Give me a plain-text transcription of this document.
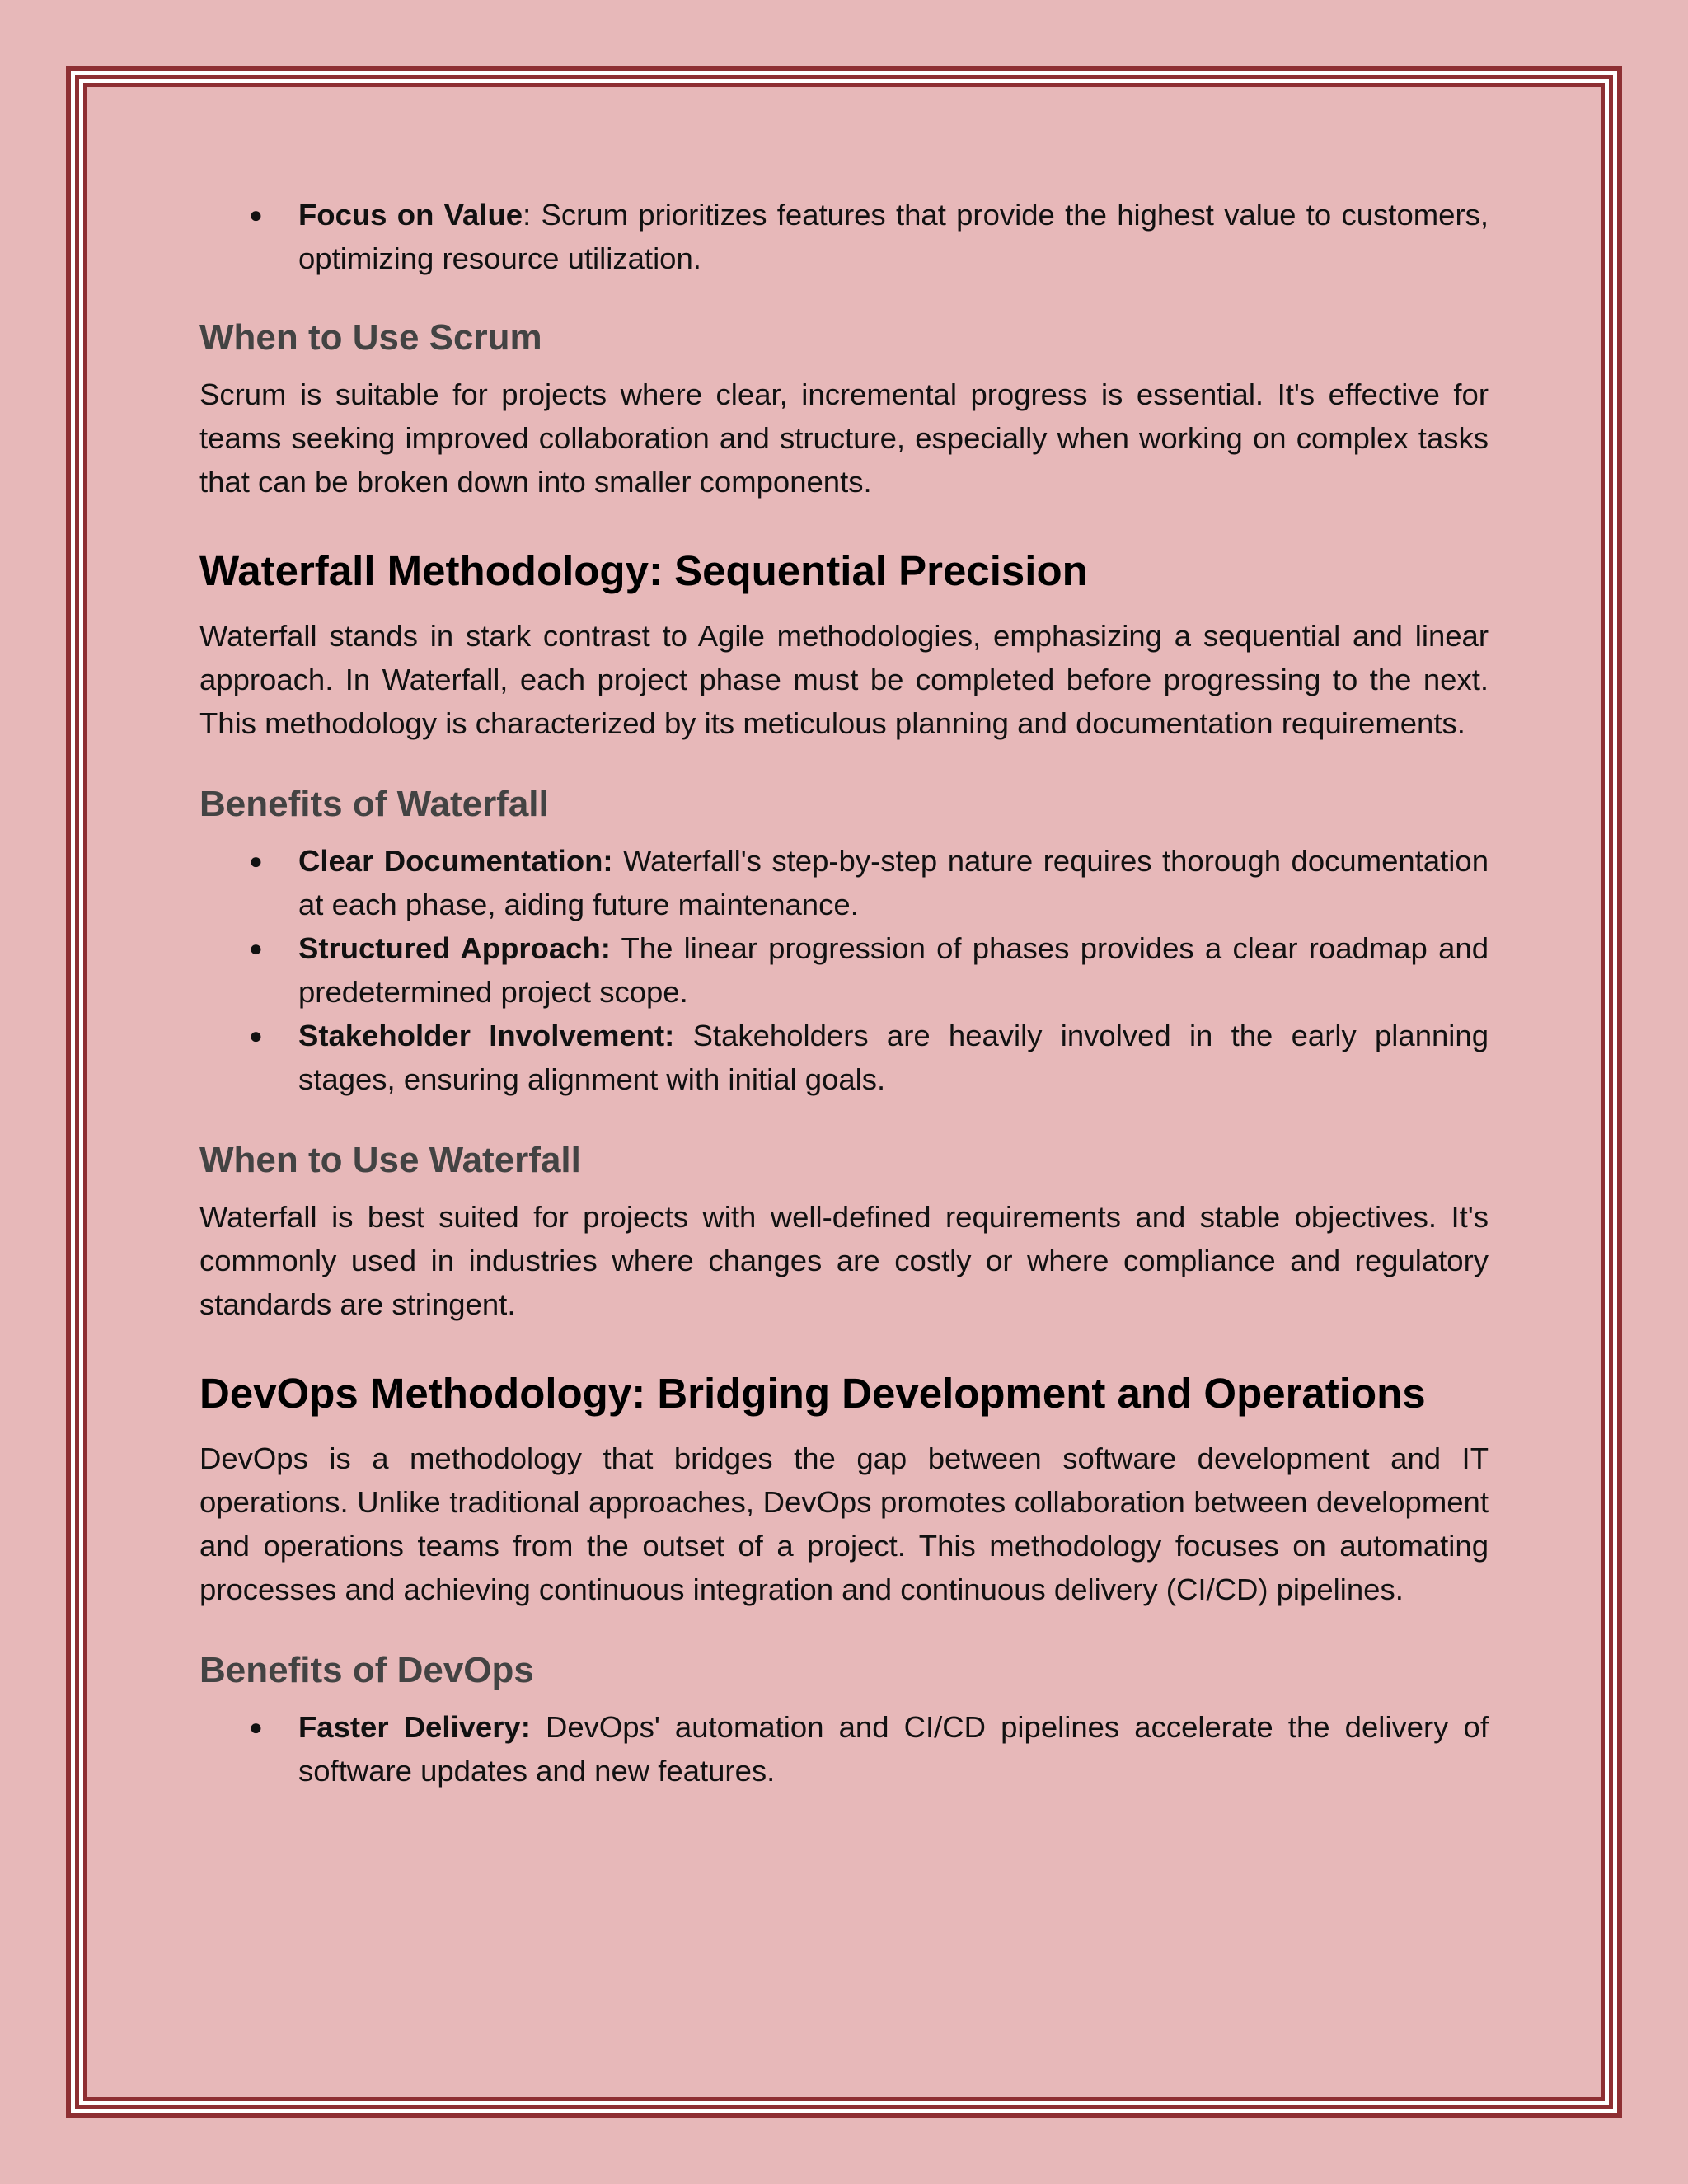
● Focus on Value: Scrum prioritizes features that provide the highest value to customers, optimizing resource utilization.
When to Use Scrum

Scrum is suitable for projects where clear, incremental progress is essential. It's effective for teams seeking improved collaboration and structure, especially when working on complex tasks that can be broken down into smaller components.

Waterfall Methodology: Sequential Precision

Waterfall stands in stark contrast to Agile methodologies, emphasizing a sequential and linear approach. In Waterfall, each project phase must be completed before progressing to the next. This methodology is characterized by its meticulous planning and documentation requirements.

Benefits of Waterfall
● Clear Documentation: Waterfall's step-by-step nature requires thorough documentation at each phase, aiding future maintenance.
● Structured Approach: The linear progression of phases provides a clear roadmap and predetermined project scope.
● Stakeholder Involvement: Stakeholders are heavily involved in the early planning stages, ensuring alignment with initial goals.
When to Use Waterfall

Waterfall is best suited for projects with well-defined requirements and stable objectives. It's commonly used in industries where changes are costly or where compliance and regulatory standards are stringent.

DevOps Methodology: Bridging Development and Operations

DevOps is a methodology that bridges the gap between software development and IT operations. Unlike traditional approaches, DevOps promotes collaboration between development and operations teams from the outset of a project. This methodology focuses on automating processes and achieving continuous integration and continuous delivery (CI/CD) pipelines.

Benefits of DevOps
● Faster Delivery: DevOps' automation and CI/CD pipelines accelerate the delivery of software updates and new features.
